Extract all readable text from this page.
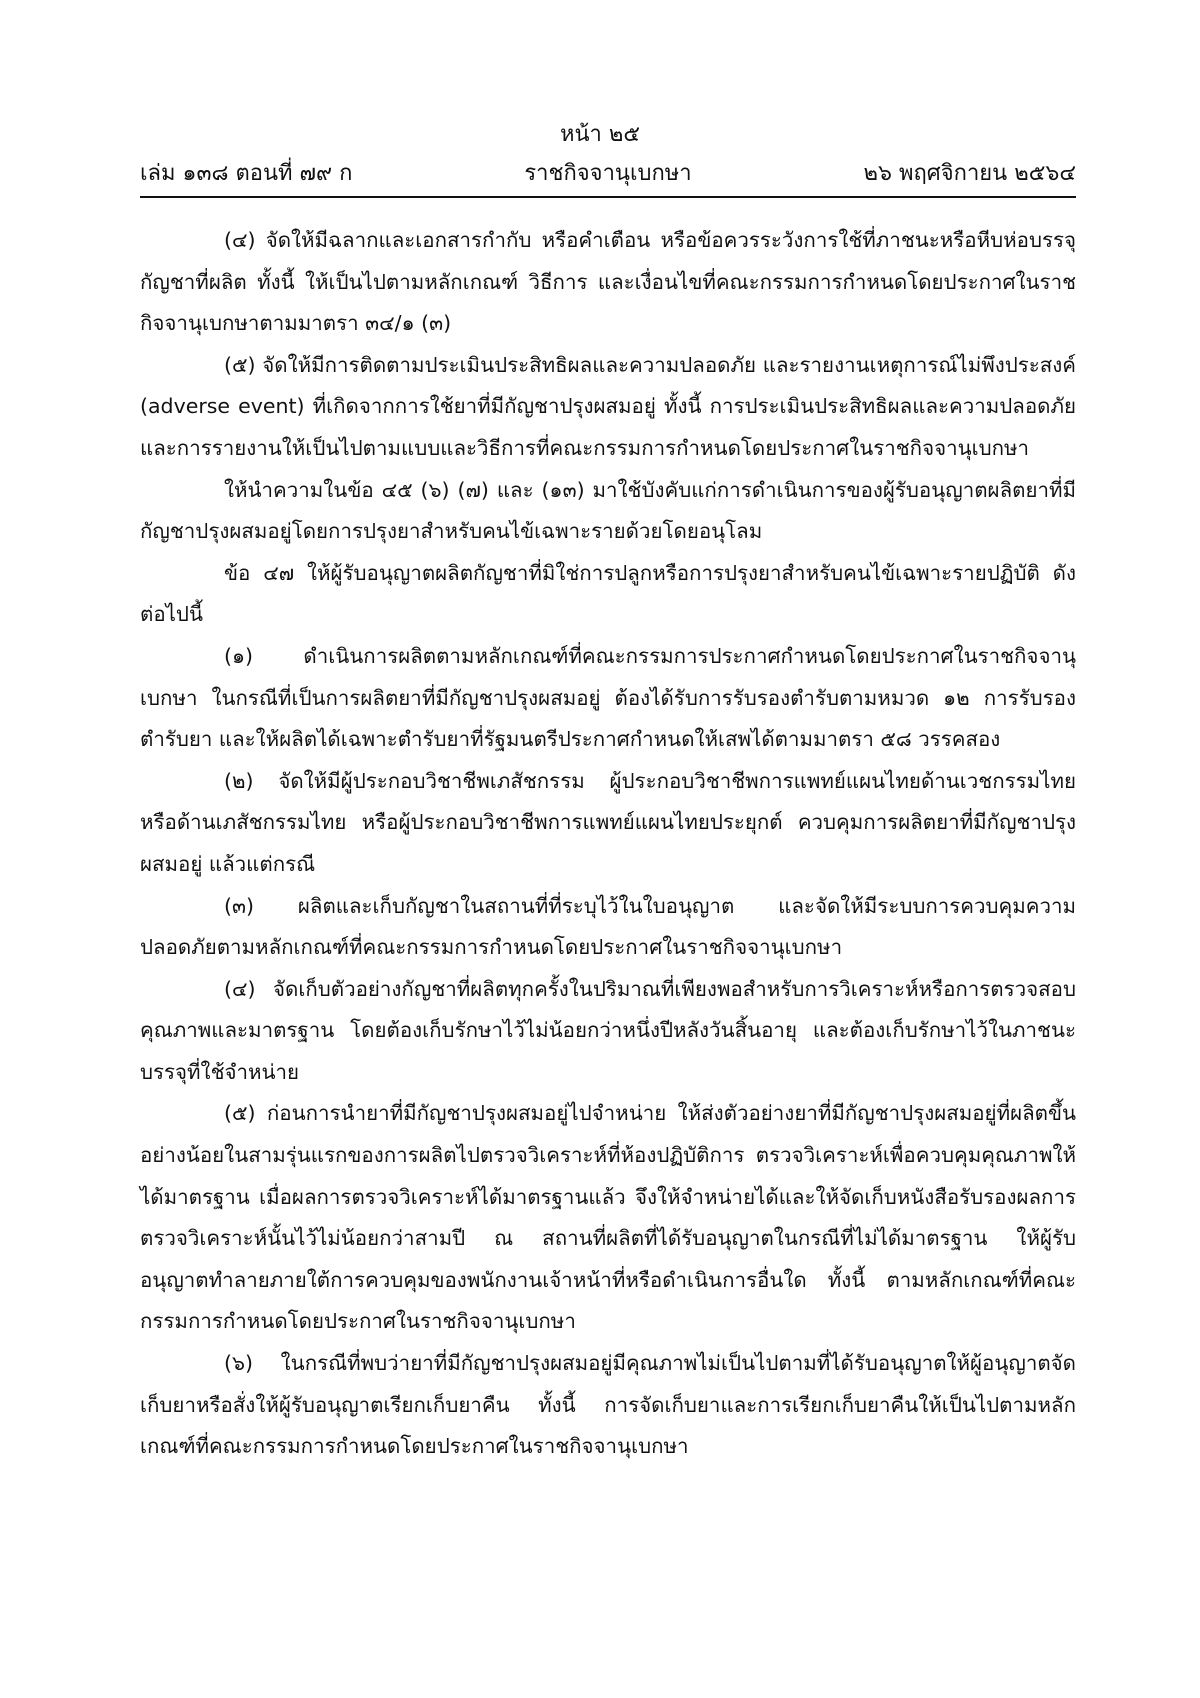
หน้า ๒๕
ราชกิจจานุเบกษา
เล่ม ๑๓๘ ตอนที่ ๗๙ ก	๒๖ พฤศจิกายน ๒๕๖๔

(๔) จัดให้มีฉลากและเอกสารกำกับ หรือคำเตือน หรือข้อควรระวังการใช้ที่ภาชนะหรือหีบห่อบรรจุกัญชาที่ผลิต ทั้งนี้ ให้เป็นไปตามหลักเกณฑ์ วิธีการ และเงื่อนไขที่คณะกรรมการกำหนดโดยประกาศในราชกิจจานุเบกษาตามมาตรา ๓๔/๑ (๓)

(๕) จัดให้มีการติดตามประเมินประสิทธิผลและความปลอดภัย และรายงานเหตุการณ์ไม่พึงประสงค์ (adverse event) ที่เกิดจากการใช้ยาที่มีกัญชาปรุงผสมอยู่ ทั้งนี้ การประเมินประสิทธิผลและความปลอดภัย และการรายงานให้เป็นไปตามแบบและวิธีการที่คณะกรรมการกำหนดโดยประกาศในราชกิจจานุเบกษา

ให้นำความในข้อ ๔๕ (๖) (๗) และ (๑๓) มาใช้บังคับแก่การดำเนินการของผู้รับอนุญาตผลิตยาที่มีกัญชาปรุงผสมอยู่โดยการปรุงยาสำหรับคนไข้เฉพาะรายด้วยโดยอนุโลม

ข้อ ๔๗ ให้ผู้รับอนุญาตผลิตกัญชาที่มิใช่การปลูกหรือการปรุงยาสำหรับคนไข้เฉพาะรายปฏิบัติ ดังต่อไปนี้

(๑) ดำเนินการผลิตตามหลักเกณฑ์ที่คณะกรรมการประกาศกำหนดโดยประกาศในราชกิจจานุเบกษา ในกรณีที่เป็นการผลิตยาที่มีกัญชาปรุงผสมอยู่ ต้องได้รับการรับรองตำรับตามหมวด ๑๒ การรับรองตำรับยา และให้ผลิตได้เฉพาะตำรับยาที่รัฐมนตรีประกาศกำหนดให้เสพได้ตามมาตรา ๕๘ วรรคสอง

(๒) จัดให้มีผู้ประกอบวิชาชีพเภสัชกรรม ผู้ประกอบวิชาชีพการแพทย์แผนไทยด้านเวชกรรมไทยหรือด้านเภสัชกรรมไทย หรือผู้ประกอบวิชาชีพการแพทย์แผนไทยประยุกต์ ควบคุมการผลิตยาที่มีกัญชาปรุงผสมอยู่ แล้วแต่กรณี

(๓) ผลิตและเก็บกัญชาในสถานที่ที่ระบุไว้ในใบอนุญาต และจัดให้มีระบบการควบคุมความปลอดภัยตามหลักเกณฑ์ที่คณะกรรมการกำหนดโดยประกาศในราชกิจจานุเบกษา

(๔) จัดเก็บตัวอย่างกัญชาที่ผลิตทุกครั้งในปริมาณที่เพียงพอสำหรับการวิเคราะห์หรือการตรวจสอบคุณภาพและมาตรฐาน โดยต้องเก็บรักษาไว้ไม่น้อยกว่าหนึ่งปีหลังวันสิ้นอายุ และต้องเก็บรักษาไว้ในภาชนะบรรจุที่ใช้จำหน่าย

(๕) ก่อนการนำยาที่มีกัญชาปรุงผสมอยู่ไปจำหน่าย ให้ส่งตัวอย่างยาที่มีกัญชาปรุงผสมอยู่ที่ผลิตขึ้นอย่างน้อยในสามรุ่นแรกของการผลิตไปตรวจวิเคราะห์ที่ห้องปฏิบัติการ ตรวจวิเคราะห์เพื่อควบคุมคุณภาพให้ได้มาตรฐาน เมื่อผลการตรวจวิเคราะห์ได้มาตรฐานแล้ว จึงให้จำหน่ายได้และให้จัดเก็บหนังสือรับรองผลการตรวจวิเคราะห์นั้นไว้ไม่น้อยกว่าสามปี ณ สถานที่ผลิตที่ได้รับอนุญาตในกรณีที่ไม่ได้มาตรฐาน ให้ผู้รับอนุญาตทำลายภายใต้การควบคุมของพนักงานเจ้าหน้าที่หรือดำเนินการอื่นใด ทั้งนี้ ตามหลักเกณฑ์ที่คณะกรรมการกำหนดโดยประกาศในราชกิจจานุเบกษา

(๖) ในกรณีที่พบว่ายาที่มีกัญชาปรุงผสมอยู่มีคุณภาพไม่เป็นไปตามที่ได้รับอนุญาตให้ผู้อนุญาตจัดเก็บยาหรือสั่งให้ผู้รับอนุญาตเรียกเก็บยาคืน ทั้งนี้ การจัดเก็บยาและการเรียกเก็บยาคืนให้เป็นไปตามหลักเกณฑ์ที่คณะกรรมการกำหนดโดยประกาศในราชกิจจานุเบกษา
